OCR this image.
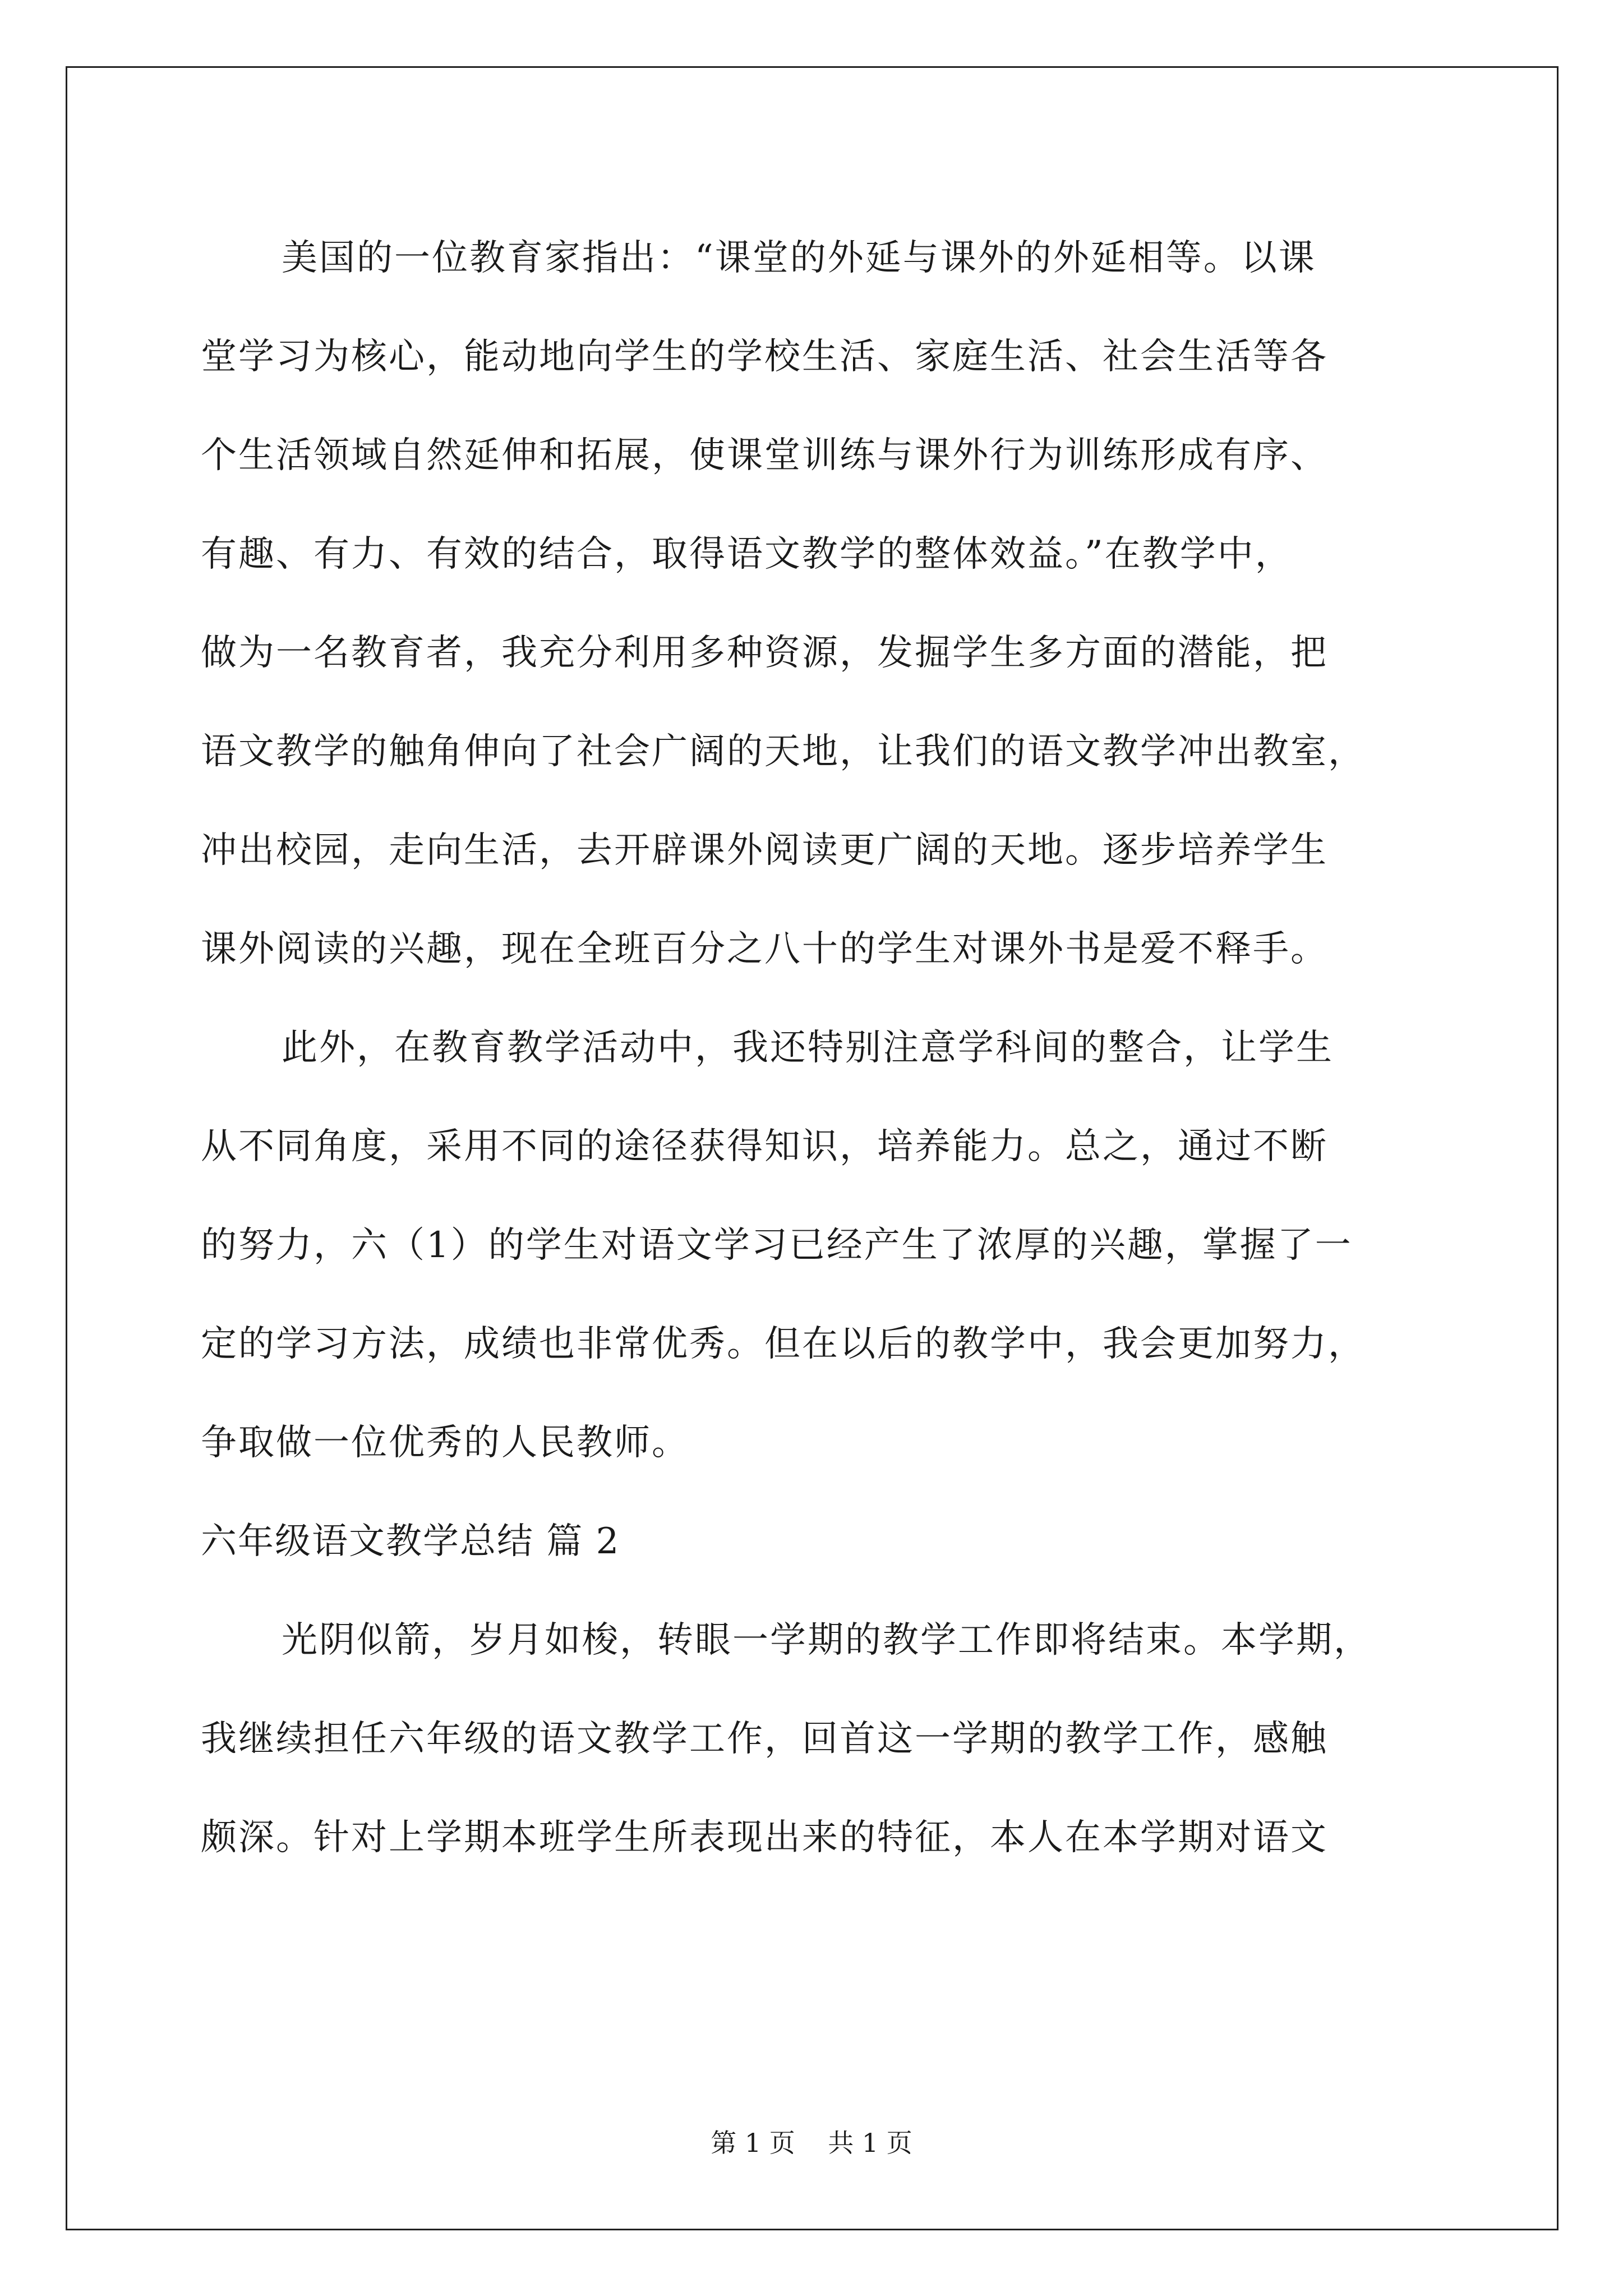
美国的一位教育家指出：“课堂的外延与课外的外延相等。以课
堂学习为核心，能动地向学生的学校生活、家庭生活、社会生活等各
个生活领域自然延伸和拓展，使课堂训练与课外行为训练形成有序、
有趣、有力、有效的结合，取得语文教学的整体效益。”在教学中，
做为一名教育者，我充分利用多种资源，发掘学生多方面的潜能，把
语文教学的触角伸向了社会广阔的天地，让我们的语文教学冲出教室，
冲出校园，走向生活，去开辟课外阅读更广阔的天地。逐步培养学生
课外阅读的兴趣，现在全班百分之八十的学生对课外书是爱不释手。
此外，在教育教学活动中，我还特别注意学科间的整合，让学生
从不同角度，采用不同的途径获得知识，培养能力。总之，通过不断
的努力，六（1）的学生对语文学习已经产生了浓厚的兴趣，掌握了一
定的学习方法，成绩也非常优秀。但在以后的教学中，我会更加努力，
争取做一位优秀的人民教师。
六年级语文教学总结 篇 2
光阴似箭，岁月如梭，转眼一学期的教学工作即将结束。本学期，
我继续担任六年级的语文教学工作，回首这一学期的教学工作，感触
颇深。针对上学期本班学生所表现出来的特征，本人在本学期对语文
第 1 页 共 1 页
